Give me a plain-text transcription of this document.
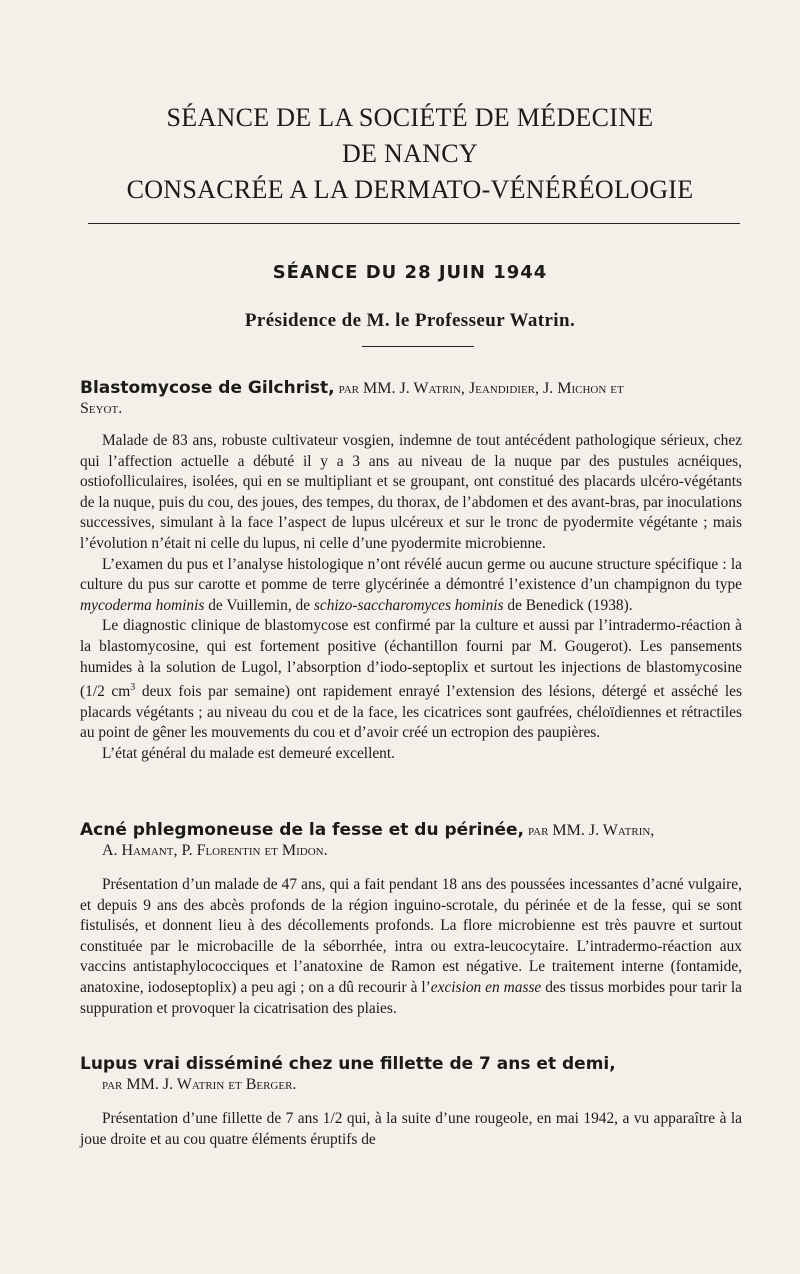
SÉANCE DE LA SOCIÉTÉ DE MÉDECINE
DE NANCY
CONSACRÉE A LA DERMATO-VÉNÉRÉOLOGIE
SÉANCE DU 28 JUIN 1944
Présidence de M. le Professeur Watrin.
Blastomycose de Gilchrist, par MM. J. Watrin, Jeandidier, J. Michon et
Seyot.

Malade de 83 ans, robuste cultivateur vosgien, indemne de tout antécédent pathologique sérieux, chez qui l’affection actuelle a débuté il y a 3 ans au niveau de la nuque par des pustules acnéiques, ostiofolliculaires, isolées, qui en se multipliant et se groupant, ont constitué des placards ulcéro-végétants de la nuque, puis du cou, des joues, des tempes, du thorax, de l’abdomen et des avant-bras, par inoculations successives, simulant à la face l’aspect de lupus ulcéreux et sur le tronc de pyodermite végétante ; mais l’évolution n’était ni celle du lupus, ni celle d’une pyodermite microbienne.

L’examen du pus et l’analyse histologique n’ont révélé aucun germe ou aucune structure spécifique : la culture du pus sur carotte et pomme de terre glycérinée a démontré l’existence d’un champignon du type mycoderma hominis de Vuillemin, de schizo-saccharomyces hominis de Benedick (1938).

Le diagnostic clinique de blastomycose est confirmé par la culture et aussi par l’intradermo-réaction à la blastomycosine, qui est fortement positive (échantillon fourni par M. Gougerot). Les pansements humides à la solution de Lugol, l’absorption d’iodo-septoplix et surtout les injections de blastomycosine (1/2 $cm^3$ deux fois par semaine) ont rapidement enrayé l’extension des lésions, détergé et asséché les placards végétants ; au niveau du cou et de la face, les cicatrices sont gaufrées, chéloïdiennes et rétractiles au point de gêner les mouvements du cou et d’avoir créé un ectropion des paupières.

L’état général du malade est demeuré excellent.

Acné phlegmoneuse de la fesse et du périnée, par MM. J. Watrin,
A. Hamant, P. Florentin et Midon.

Présentation d’un malade de 47 ans, qui a fait pendant 18 ans des poussées incessantes d’acné vulgaire, et depuis 9 ans des abcès profonds de la région inguino-scrotale, du périnée et de la fesse, qui se sont fistulisés, et donnent lieu à des décollements profonds. La flore microbienne est très pauvre et surtout constituée par le microbacille de la séborrhée, intra ou extra-leucocytaire. L’intradermo-réaction aux vaccins antistaphylococciques et l’anatoxine de Ramon est négative. Le traitement interne (fontamide, anatoxine, iodoseptoplix) a peu agi ; on a dû recourir à l’excision en masse des tissus morbides pour tarir la suppuration et provoquer la cicatrisation des plaies.

Lupus vrai disséminé chez une fillette de 7 ans et demi,
par MM. J. Watrin et Berger.

Présentation d’une fillette de 7 ans 1/2 qui, à la suite d’une rougeole, en mai 1942, a vu apparaître à la joue droite et au cou quatre éléments éruptifs de
